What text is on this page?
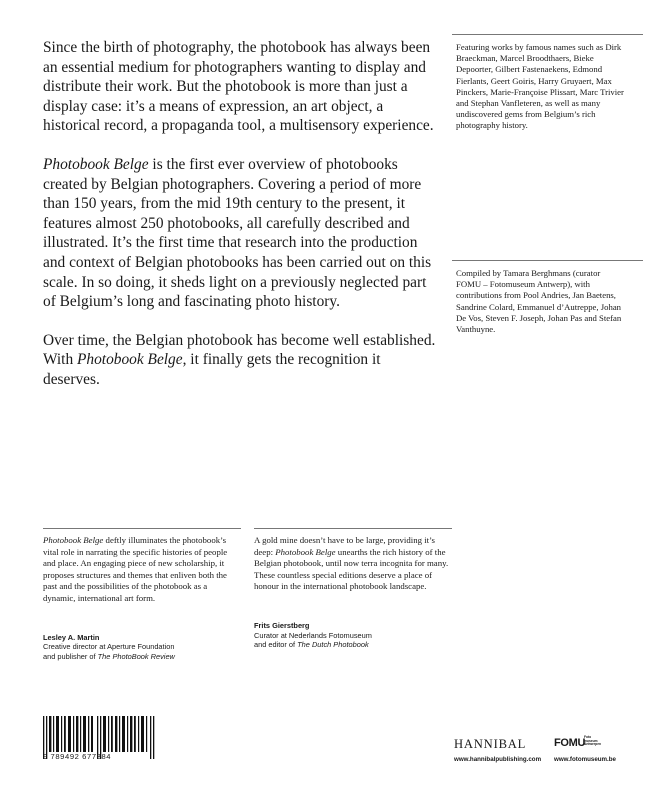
Since the birth of photography, the photobook has always been an essential medium for photographers wanting to display and distribute their work. But the photobook is more than just a display case: it’s a means of expression, an art object, a historical record, a propaganda tool, a multisensory experience.

Photobook Belge is the first ever overview of photobooks created by Belgian photographers. Covering a period of more than 150 years, from the mid 19th century to the present, it features almost 250 photobooks, all carefully described and illustrated. It’s the first time that research into the production and context of Belgian photobooks has been carried out on this scale. In so doing, it sheds light on a previously neglected part of Belgium’s long and fascinating photo history.

Over time, the Belgian photobook has become well established. With Photobook Belge, it finally gets the recognition it deserves.

Featuring works by famous names such as Dirk Braeckman, Marcel Broodthaers, Bieke Depoorter, Gilbert Fastenaekens, Edmond Fierlants, Geert Goiris, Harry Gruyaert, Max Pinckers, Marie-Françoise Plissart, Marc Trivier and Stephan Vanfleteren, as well as many undiscovered gems from Belgium’s rich photography history.
Compiled by Tamara Berghmans (curator FOMU – Fotomuseum Antwerp), with contributions from Pool Andries, Jan Baetens, Sandrine Colard, Emmanuel d’Autreppe, Johan De Vos, Steven F. Joseph, Johan Pas and Stefan Vanthuyne.

Photobook Belge deftly illuminates the photobook’s vital role in narrating the specific histories of people and place. An engaging piece of new scholarship, it proposes structures and themes that enliven both the past and the possibilities of the photobook as a dynamic, international art form.

Lesley A. Martin
Creative director at Aperture Foundation
and publisher of The PhotoBook Review

A gold mine doesn’t have to be large, providing it’s deep: Photobook Belge unearths the rich history of the Belgian photobook, until now terra incognita for many. These countless special editions deserve a place of honour in the international photobook landscape.

Frits Gierstberg
Curator at Nederlands Fotomuseum
and editor of The Dutch Photobook
9 789492 677884
HANNIBAL
www.hannibalpublishing.com
FOMU
Foto museum Antwerpen
www.fotomuseum.be
